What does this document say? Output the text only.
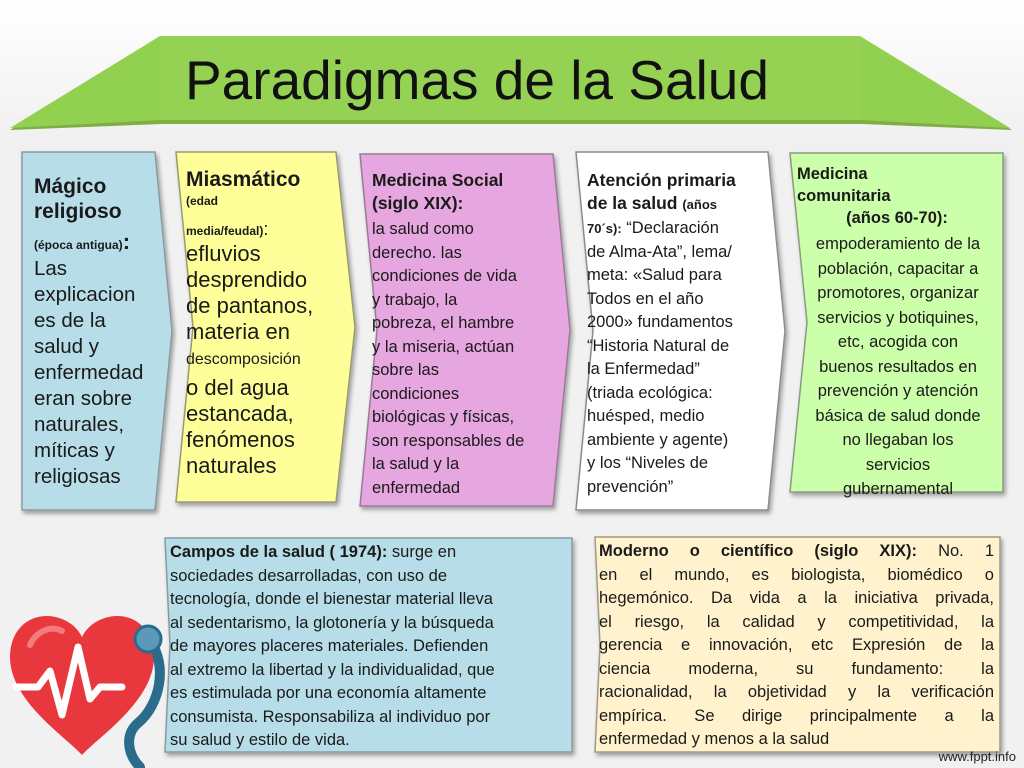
Paradigmas de la Salud
Mágico
religioso
(época antigua):
Las
explicacion
es de la
salud y
enfermedad
eran sobre
naturales,
míticas y
religiosas
Miasmático
(edad
media/feudal):
efluvios
desprendido
de pantanos,
materia en
descomposición
o del agua
estancada,
fenómenos
naturales
Medicina Social
(siglo XIX):
la salud como
derecho. las
condiciones de vida
y trabajo, la
pobreza, el hambre
y la miseria, actúan
sobre las
condiciones
biológicas y físicas,
son responsables de
la salud y la
enfermedad
Atención primaria
de la salud (años
70´s): “Declaración
de Alma-Ata”, lema/
meta: «Salud para
Todos en el año
2000» fundamentos
“Historia Natural de
la Enfermedad”
(triada ecológica:
huésped, medio
ambiente y agente)
y los “Niveles de
prevención”
Medicina
comunitaria
(años 60-70):
empoderamiento de la
población, capacitar a
promotores, organizar
servicios y botiquines,
etc, acogida con
buenos resultados en
prevención y atención
básica de salud donde
no llegaban los
servicios
gubernamental
Campos de la salud ( 1974): surge en
sociedades desarrolladas, con uso de
tecnología, donde el bienestar material lleva
al sedentarismo, la glotonería y la búsqueda
de mayores placeres materiales. Defienden
al extremo la libertad y la individualidad, que
es estimulada por una economía altamente
consumista. Responsabiliza al individuo por
su salud y estilo de vida.
Moderno o científico (siglo XIX): No. 1
en el mundo, es biologista, biomédico o
hegemónico. Da vida a la iniciativa privada,
el riesgo, la calidad y competitividad, la
gerencia e innovación, etc Expresión de la
ciencia moderna, su fundamento: la
racionalidad, la objetividad y la verificación
empírica. Se dirige principalmente a la
enfermedad y menos a la salud
www.fppt.info
